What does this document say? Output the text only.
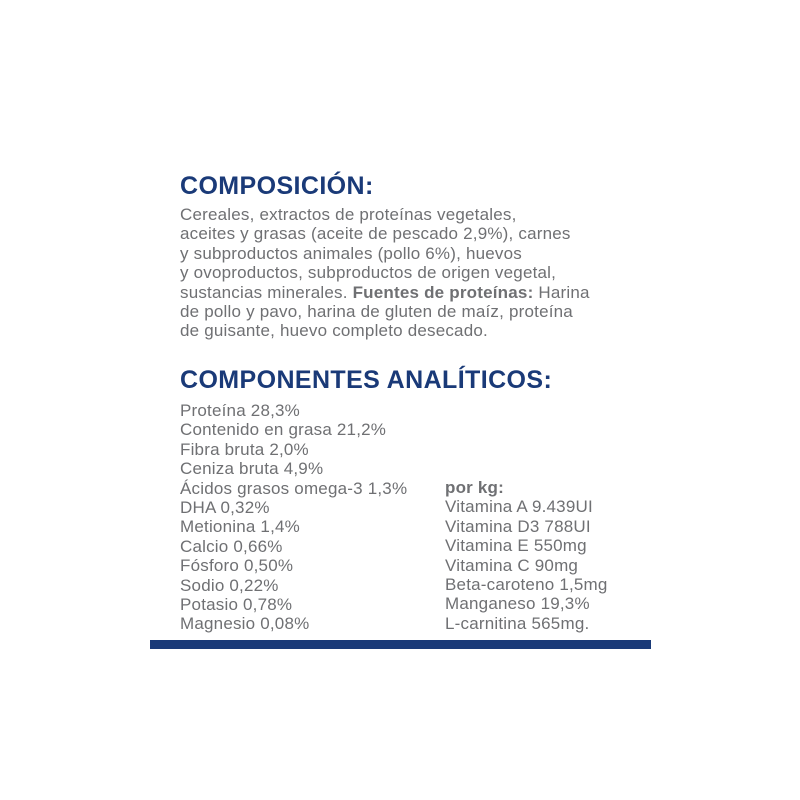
COMPOSICIÓN:
Cereales, extractos de proteínas vegetales,
aceites y grasas (aceite de pescado 2,9%), carnes
y subproductos animales (pollo 6%), huevos
y ovoproductos, subproductos de origen vegetal,
sustancias minerales. Fuentes de proteínas: Harina
de pollo y pavo, harina de gluten de maíz, proteína
de guisante, huevo completo desecado.
COMPONENTES ANALÍTICOS:
Proteína 28,3%
Contenido en grasa 21,2%
Fibra bruta 2,0%
Ceniza bruta 4,9%
Ácidos grasos omega-3 1,3%
DHA 0,32%
Metionina 1,4%
Calcio 0,66%
Fósforo 0,50%
Sodio 0,22%
Potasio 0,78%
Magnesio 0,08%
por kg:
Vitamina A 9.439UI
Vitamina D3 788UI
Vitamina E 550mg
Vitamina C 90mg
Beta-caroteno 1,5mg
Manganeso 19,3%
L-carnitina 565mg.
